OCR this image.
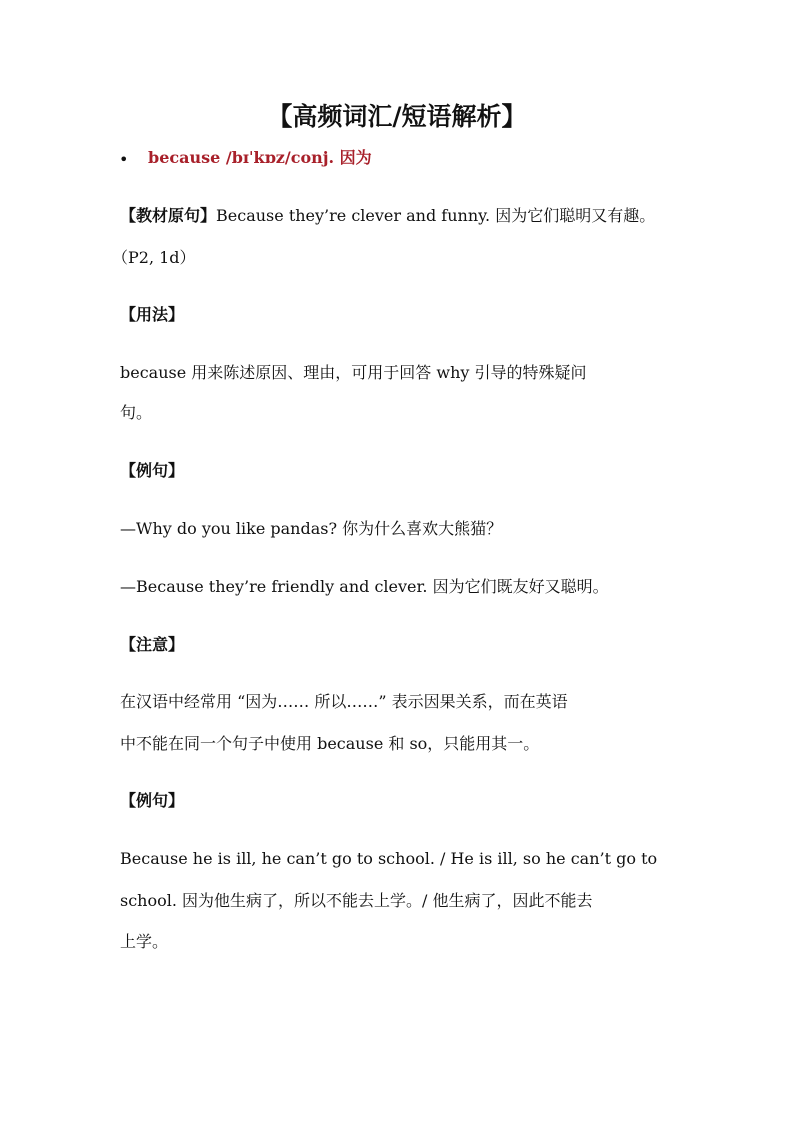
【高频词汇/短语解析】
• because /bɪˈkɒz/conj. 因为
【教材原句】Because they’re clever and funny. 因为它们聪明又有趣。
（P2, 1d）
【用法】
because 用来陈述原因、理由，可用于回答 why 引导的特殊疑问
句。
【例句】
—Why do you like pandas? 你为什么喜欢大熊猫？
—Because they’re friendly and clever. 因为它们既友好又聪明。
【注意】
在汉语中经常用 “因为…… 所以……” 表示因果关系，而在英语
中不能在同一个句子中使用 because 和 so，只能用其一。
【例句】
Because he is ill, he can’t go to school. / He is ill, so he can’t go to
school. 因为他生病了，所以不能去上学。/ 他生病了，因此不能去
上学。
